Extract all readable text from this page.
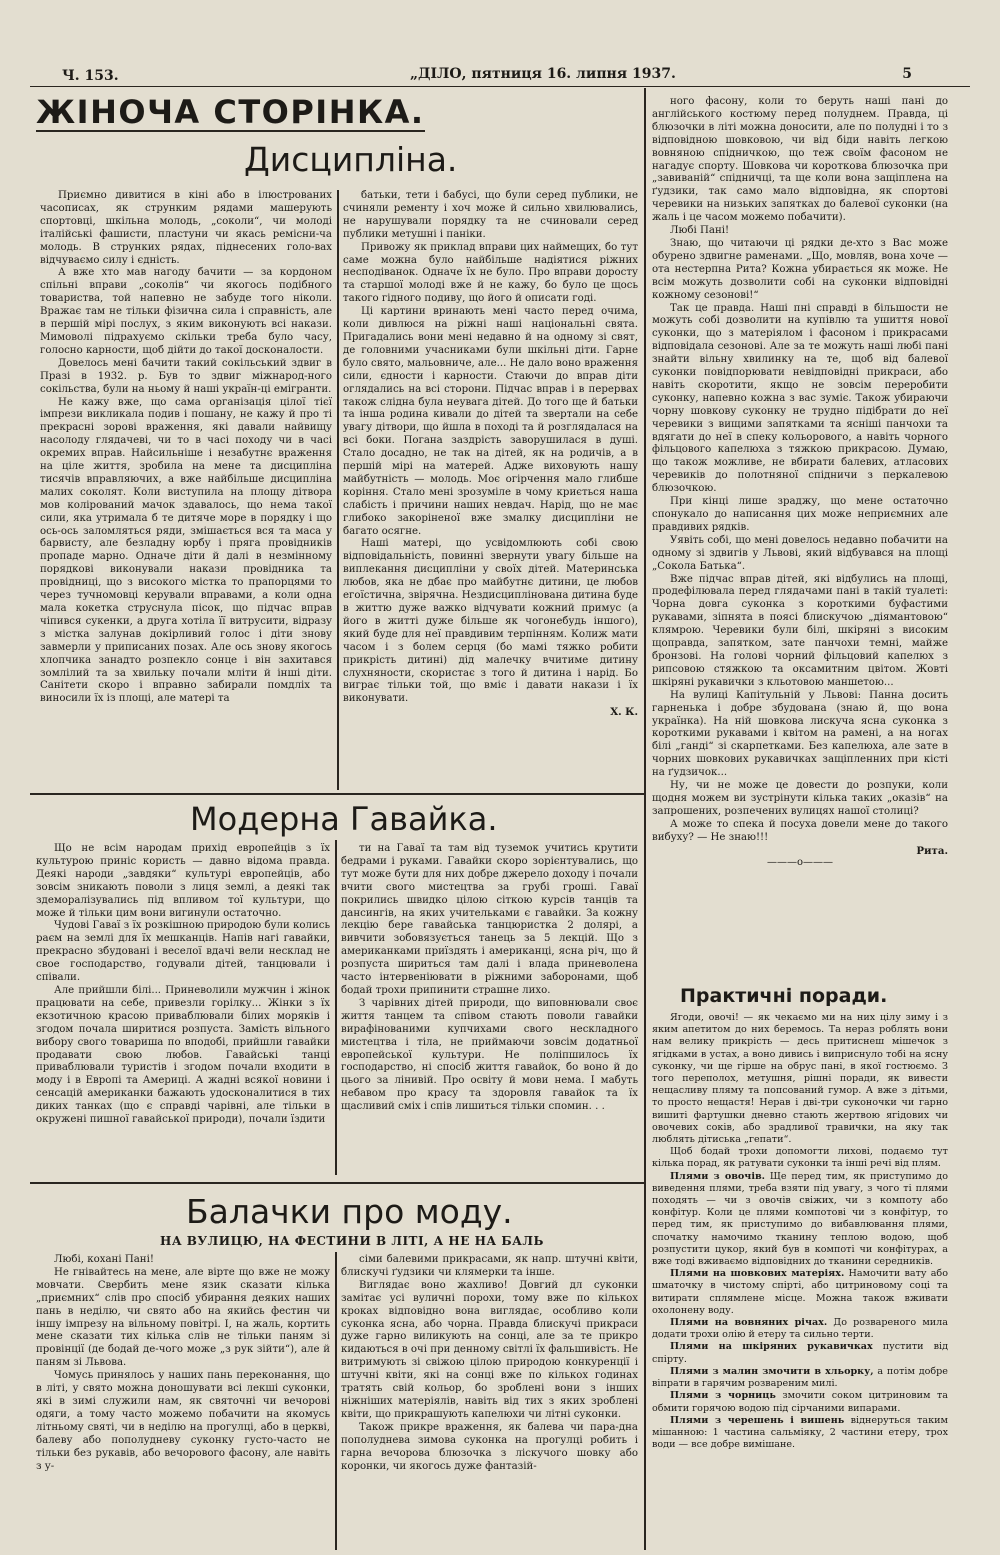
Ч. 153.	„ДІЛО, пятниця 16. липня 1937.	5
ЖІНОЧА СТОРІНКА.
Дисципліна.

Приємно дивитися в кіні або в ілюстрованих часописах, як струнким рядами машерують спортовці, шкільна молодь, „соколи“, чи молоді італійські фашисти, пластуни чи якась ремісни-ча молодь. В струнких рядах, піднесених голо-вах відчуваємо силу і єдність.

А вже хто мав нагоду бачити — за кордоном спільні вправи „соколів“ чи якогось подібного товариства, той напевно не забуде того ніколи. Вражає там не тільки фізична сила і справність, але в першій мірі послух, з яким виконують всі накази. Мимоволі підрахуємо скільки треба було часу, голосно карности, щоб дійти до такої досконалости.

Довелось мені бачити такий сокільський здвиг в Празі в 1932. р. Був то здвиг міжнарод-ного сокільства, були на ньому й наші україн-ці емігранти.

Не кажу вже, що сама організація цілої тієї імпрези викликала подив і пошану, не кажу й про ті прекрасні зорові враження, які давали найвищу насолоду глядачеві, чи то в часі походу чи в часі окремих вправ. Найсильніше і незабутнє враження на ціле життя, зробила на мене та дисципліна тисячів вправляючих, а вже найбільше дисципліна малих соколят. Коли виступила на площу дітвора мов колірований мачок здавалось, що нема такої сили, яка утримала б те дитяче море в порядку і що ось-ось заломляться ряди, змішається вся та маса у барвисту, але безладну юрбу і пряга провідників пропаде марно. Одначе діти й далі в незмінному порядкові виконували накази провідника та провідниці, що з високого містка то прапорцями то через тучномовці керували вправами, а коли одна мала кокетка струснула пісок, що підчас вправ чіпився сукенки, а друга хотіла її витрусити, відразу з містка залунав докірливий голос і діти знову завмерли у приписаних позах. Але ось знову якогось хлопчика занадто розпекло сонце і він захитався зомлілий та за хвильку почали мліти й інші діти. Санітети скоро і вправно забирали помдліх та виносили їх із площі, але матері та

батьки, тети і бабусі, що були серед публики, не счиняли ременту і хоч може й сильно хвилювались, не нарушували порядку та не счиновали серед публики метушні і паніки.

Привожу як приклад вправи цих наймещих, бо тут саме можна було найбільше надіятися ріжних несподіванок. Одначе їх не було. Про вправи доросту та старшої молоді вже й не кажу, бо було це щось такого гідного подиву, що його й описати годі.

Ці картини вринають мені часто перед очима, коли дивлюся на ріжні наші національні свята. Пригадались вони мені недавно й на одному зі свят, де головними учасниками були шкільні діти. Гарне було свято, мальовниче, але... Не дало воно враження сили, єдности і карности. Стаючи до вправ діти оглядались на всі сторони. Підчас вправ і в перервах також слідна була неувага дітей. До того ще й батьки та інша родина кивали до дітей та звертали на себе увагу дітвори, що йшла в поході та й розглядалася на всі боки. Погана заздрість заворушилася в душі. Стало досадно, не так на дітей, як на родичів, а в першій мірі на матерей. Адже виховують нашу майбутність — молодь. Моє огірчення мало глибше коріння. Стало мені зрозуміле в чому криється наша слабість і причини наших невдач. Нарід, що не має глибоко закоріненої вже змалку дисципліни не багато осягне.

Наші матері, що усвідомлюють собі свою відповідальність, повинні звернути увагу більше на виплекання дисципліни у своїх дітей. Материнська любов, яка не дбає про майбутнє дитини, це любов егоїстична, звірячна. Нездисциплінована дитина буде в життю дуже важко відчувати кожний примус (а його в житті дуже більше як чогонебудь іншого), який буде для неї правдивим терпінням. Колиж мати часом і з болем серця (бо мамі тяжко робити прикрість дитині) дід малечку вчитиме дитину слухняности, скористає з того й дитина і нарід. Бо виграє тільки той, що вміє і давати накази і їх виконувати.

Х. К.
Модерна Гавайка.

Що не всім народам прихід европейців з їх культурою приніс користь — давно відома правда. Деякі народи „завдяки“ культурі европейців, або зовсім зникають поволи з лиця землі, а деякі так здеморалізувались під впливом тої культури, що може й тільки цим вони вигинули остаточно.

Чудові Гаваї з їх розкішною природою були колись раєм на землі для їх мешканців. Напів нагі гавайки, прекрасно збудовані і веселої вдачі вели несклад не свое господарство, годували дітей, танцювали і співали.

Але прийшли білі... Приневолили мужчин і жінок працювати на себе, привезли горілку... Жінки з їх екзотичною красою приваблювали білих моряків і згодом почала ширитися розпуста. Замість вільного вибору свого товариша по вподобі, прийшли гавайки продавати свою любов. Гавайські танці приваблювали туристів і згодом почали входити в моду і в Европі та Америці. А жадні всякої новини і сенсацій американки бажають удосконалитися в тих диких танках (що є справді чарівні, але тільки в окружені пишної гавайської природи), почали їздити

ти на Гаваї та там від туземок учитись крутити бедрами і руками. Гавайки скоро зорієнтувались, що тут може бути для них добре джерело доходу і почали вчити свого мистецтва за грубі гроші. Гаваї покрились швидко цілою сіткою курсів танців та дансингів, на яких учительками є гавайки. За кожну лекцію бере гавайська танцюристка 2 долярі, а вивчити зобовязується танець за 5 лекцій. Що з американками приїздять і американці, ясна річ, що й розпуста шириться там далі і влада приневолена часто інтервеніювати в ріжними заборонами, щоб бодай трохи припинити страшне лихо.

З чарівних дітей природи, що виповнювали своє життя танцем та співом стають поволи гавайки вирафінованими купчихами свого нескладного мистецтва і тіла, не приймаючи зовсім додатньої европейської культури. Не поліпшилось їх господарство, ні спосіб життя гавайок, бо воно й до цього за лінивій. Про освіту й мови нема. І мабуть небавом про красу та здоровля гавайок та їх щасливий сміх і спів лишиться тільки спомин. . .

Балачки про моду.
НА ВУЛИЦЮ, НА ФЕСТИНИ В ЛІТІ, А НЕ НА БАЛЬ

Любі, кохані Пані!

Не гнівайтесь на мене, але вірте що вже не можу мовчати. Свербить мене язик сказати кілька „приємних“ слів про спосіб убирання деяких наших пань в неділю, чи свято або на якийсь фестин чи іншу імпрезу на вільному повітрі. І, на жаль, кортить мене сказати тих кілька слів не тільки паням зі провінції (де бодай де-чого може „з рук зійти“), але й паням зі Львова.

Чомусь принялось у наших пань переконання, що в літі, у свято можна доношувати всі лекші суконки, які в зимі служили нам, як святочні чи вечорові одяги, а тому часто можемо побачити на якомусь літньому святі, чи в неділю на прогулці, або в церкві, балеву або пополудневу суконку густо-часто не тільки без рукавів, або вечорового фасону, але навіть з у-

сіми балевими прикрасами, як напр. штучні квіти, блискучі ґудзики чи клямерки та інше.

Виглядає воно жахливо! Довгий дл суконки замітає усі вуличні порохи, тому вже по кількох кроках відповідно вона виглядає, особливо коли суконка ясна, або чорна. Правда блискучі прикраси дуже гарно виликують на сонці, але за те прикро кидаються в очі при денному світлі їх фальшивість. Не витримують зі свіжою цілою природою конкуренції і штучні квіти, які на сонці вже по кількох годинах тратять свій кольор, бо зроблені вони з інших ніжніших матеріялів, навіть від тих з яких зроблені квіти, що прикрашують капелюхи чи літні суконки.

Також прикре враження, як балева чи пара-дна пополуднева зимова суконка на прогулці робить і гарна вечорова блюзочка з ліскучого шовку або коронки, чи якогось дуже фантазій-

ного фасону, коли то беруть наші пані до англійського костюму перед полуднем. Правда, ці блюзочки в літі можна доносити, але по полудні і то з відповідною шовковою, чи від біди навіть легкою вовняною спідничкою, що теж своїм фасоном не нагадує спорту. Шовкова чи короткова блюзочка при „завиваній“ спідничці, та ще коли вона защіплена на ґудзики, так само мало відповідна, як спортові черевики на низьких запятках до балевої суконки (на жаль і це часом можемо побачити).

Любі Пані!

Знаю, що читаючи ці рядки де-хто з Вас може обурено здвигне раменами. „Що, мовляв, вона хоче — ота нестерпна Рита? Кожна убирається як може. Не всім можуть дозволити собі на суконки відповідні кожному сезонові!“

Так це правда. Наші пні справді в більшости не можуть собі дозволити на купівлю та ушиття нової суконки, що з матеріялом і фасоном і прикрасами відповідала сезонові. Але за те можуть наші любі пані знайти вільну хвилинку на те, щоб від балевої суконки повідпорювати невідповідні прикраси, або навіть скоротити, якщо не зовсім переробити суконку, напевно кожна з вас зуміє. Також убираючи чорну шовкову суконку не трудно підібрати до неї черевики з вищими запятками та ясніші панчохи та вдягати до неї в спеку кольорового, а навіть чорного фільцового капелюха з тяжкою прикрасою. Думаю, що також можливе, не вбирати балевих, атласових черевиків до полотняної спідничи з перкалевою блюзочкою.

При кінці лише зраджу, що мене остаточно спонукало до написання цих може неприємних але правдивих рядків.

Уявіть собі, що мені довелось недавно побачити на одному зі здвигів у Львові, який відбувався на площі „Сокола Батька“.

Вже підчас вправ дітей, які відбулись на площі, продефілювала перед глядачами пані в такій туалеті: Чорна довга суконка з короткими буфастими рукавами, зіпнята в поясі блискучою „діямантовою“ клямрою. Черевики були білі, шкіряні з високим щоправда, запятком, зате панчохи темні, майже бронзові. На голові чорний фільцовий капелюх з рипсовою стяжкою та оксамитним цвітом. Жовті шкіряні рукавички з кльотовою маншетою...

На вулиці Капітульній у Львові: Панна досить гарненька і добре збудована (знаю й, що вона українка). На ній шовкова лискуча ясна суконка з короткими рукавами і квітом на рамені, а на ногах білі „ганді“ зі скарпетками. Без капелюха, але зате в чорних шовкових рукавичках защіпленних при кісті на ґудзичок...

Ну, чи не може це довести до розпуки, коли щодня можем ви зустрінути кілька таких „оказів“ на запрошених, розпечених вулицях нашої столиці?

А може то спека й посуха довели мене до такого вибуху? — Не знаю!!!

Рита.
———o———
Практичні поради.

Ягоди, овочі! — як чекаємо ми на них цілу зиму і з яким апетитом до них беремось. Та нераз роблять вони нам велику прикрість — десь притиснеш мішечок з ягідками в устах, а воно дивись і виприснуло тобі на ясну суконку, чи ще гірше на обрус пані, в якої гостюємо. З того переполох, метушня, рішні поради, як вивести нещасливу пляму та попсований гумор. А вже з дітьми, то просто нещастя! Нерав і дві-три суконочки чи гарно вишиті фартушки дневно стають жертвою ягідових чи овочевих соків, або зрадливої травички, на яку так люблять дітиська „гепати“.

Щоб бодай трохи допомогти лихові, подаємо тут кілька порад, як ратувати суконки та інші речі від плям.

Плями з овочів. Ще перед тим, як приступимо до виведення плями, треба взяти під увагу, з чого ті плями походять — чи з овочів свіжих, чи з компоту або конфітур. Коли це плями компотові чи з конфітур, то перед тим, як приступимо до вибавлювання плями, спочатку намочимо тканину теплою водою, щоб розпустити цукор, який був в компоті чи конфітурах, а вже тоді вживаємо відповідних до тканини середників.

Плями на шовкових матеріях. Намочити вату або шматочку в чистому спірті, або цитриновому соці та витирати сплямлене місце. Можна також вживати охолонену воду.

Плями на вовняних річах. До розвареного мила додати трохи олію й етеру та сильно терти.

Плями на шкіряних рукавичках пустити від спірту.

Плями з малин змочити в хльорку, а потім добре віпрати в гарячим розвареним милі.

Плями з чорниць змочити соком цитриновим та обмити горячою водою під сірчаними випарами.

Плями з черешень і вишень віднеруться таким мішанною: 1 частина сальміяку, 2 частини етеру, трох води — все добре вимішане.
